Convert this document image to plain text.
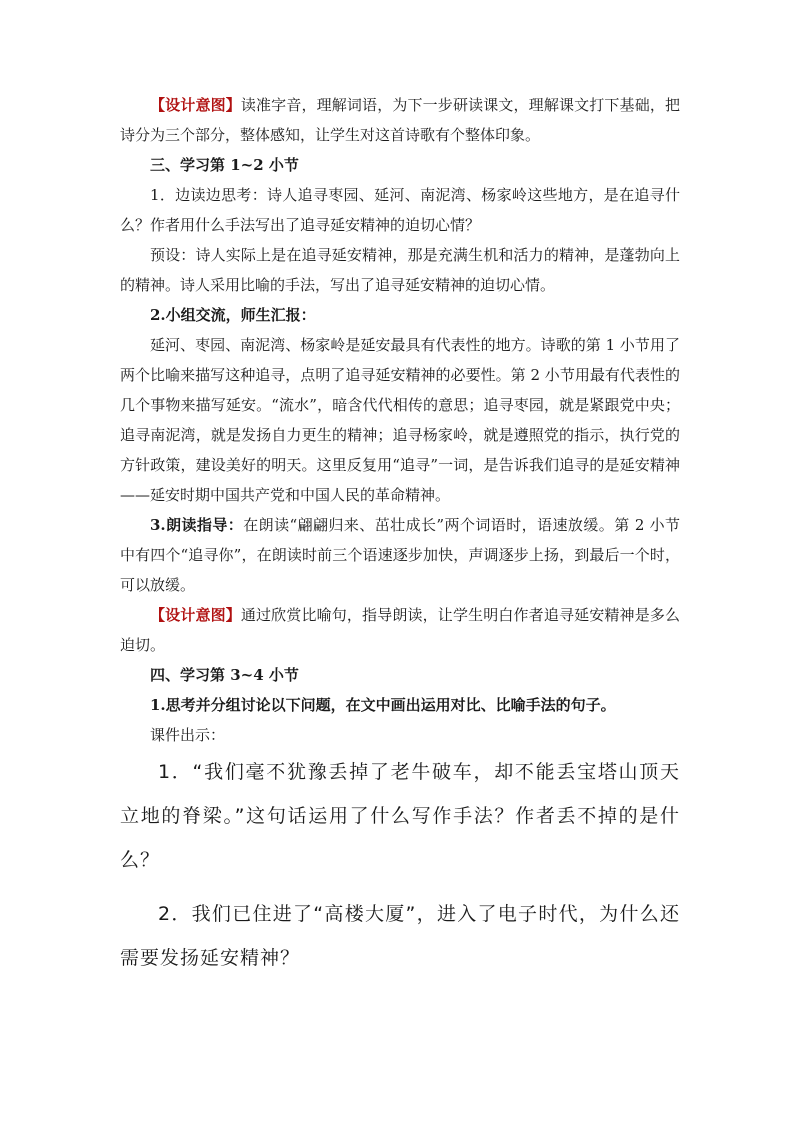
【设计意图】读准字音，理解词语，为下一步研读课文，理解课文打下基础，把诗分为三个部分，整体感知，让学生对这首诗歌有个整体印象。

三、学习第 1~2 小节

1．边读边思考：诗人追寻枣园、延河、南泥湾、杨家岭这些地方，是在追寻什么？作者用什么手法写出了追寻延安精神的迫切心情？

预设：诗人实际上是在追寻延安精神，那是充满生机和活力的精神，是蓬勃向上的精神。诗人采用比喻的手法，写出了追寻延安精神的迫切心情。

2.小组交流，师生汇报：

延河、枣园、南泥湾、杨家岭是延安最具有代表性的地方。诗歌的第 1 小节用了两个比喻来描写这种追寻，点明了追寻延安精神的必要性。第 2 小节用最有代表性的几个事物来描写延安。“流水”，暗含代代相传的意思；追寻枣园，就是紧跟党中央；追寻南泥湾，就是发扬自力更生的精神；追寻杨家岭，就是遵照党的指示，执行党的方针政策，建设美好的明天。这里反复用“追寻”一词，是告诉我们追寻的是延安精神——延安时期中国共产党和中国人民的革命精神。

3.朗读指导：在朗读“翩翩归来、茁壮成长”两个词语时，语速放缓。第 2 小节中有四个“追寻你”，在朗读时前三个语速逐步加快，声调逐步上扬，到最后一个时，可以放缓。

【设计意图】通过欣赏比喻句，指导朗读，让学生明白作者追寻延安精神是多么迫切。

四、学习第 3~4 小节

1.思考并分组讨论以下问题，在文中画出运用对比、比喻手法的句子。

课件出示：

1．“我们毫不犹豫丢掉了老牛破车，却不能丢宝塔山顶天立地的脊梁。”这句话运用了什么写作手法？作者丢不掉的是什么？

2．我们已住进了“高楼大厦”，进入了电子时代，为什么还需要发扬延安精神？
